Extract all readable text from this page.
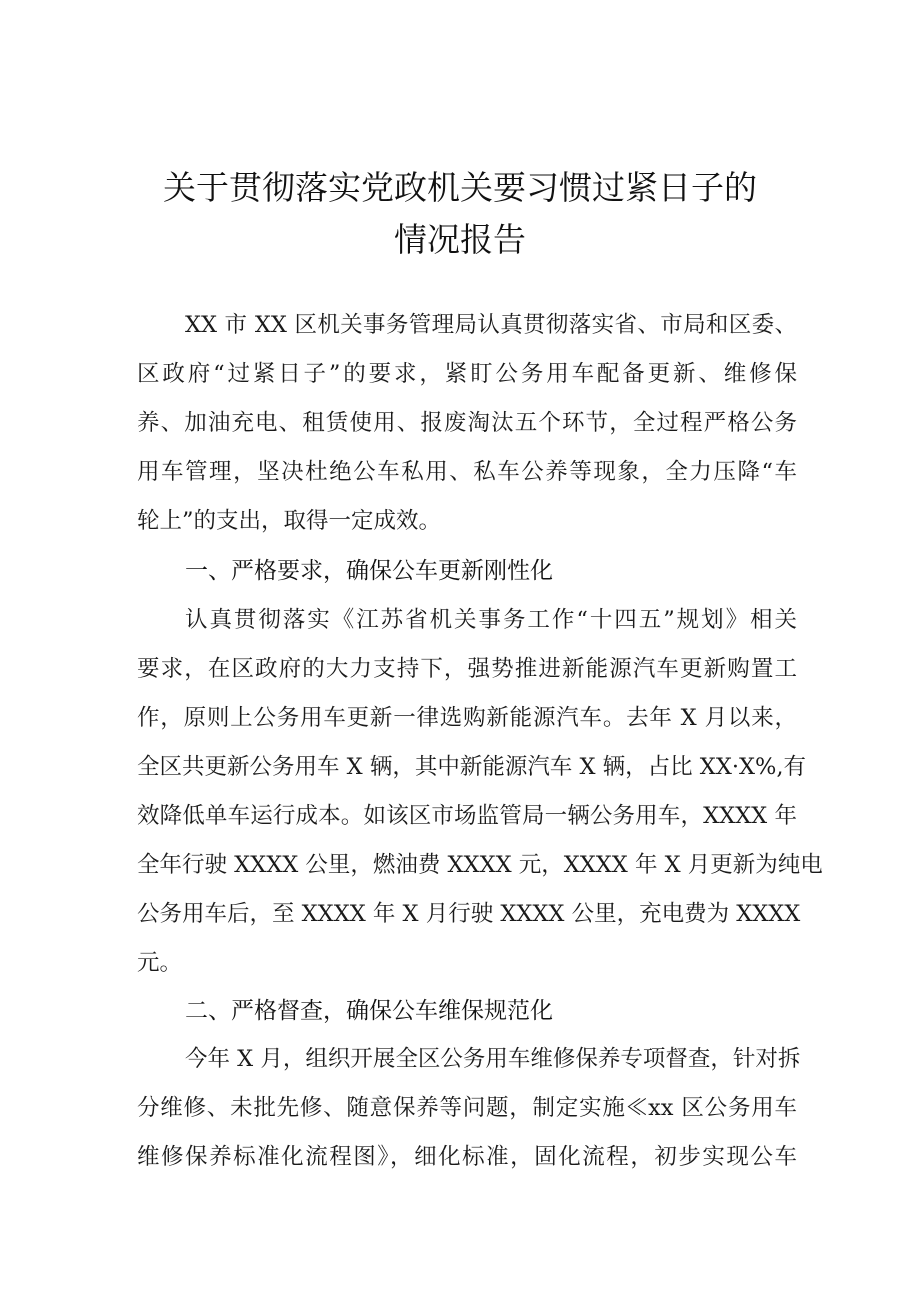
关于贯彻落实党政机关要习惯过紧日子的
情况报告
XX 市 XX 区机关事务管理局认真贯彻落实省、市局和区委、
区政府“过紧日子”的要求，紧盯公务用车配备更新、维修保
养、加油充电、租赁使用、报废淘汰五个环节，全过程严格公务
用车管理，坚决杜绝公车私用、私车公养等现象，全力压降“车
轮上”的支出，取得一定成效。
一、严格要求，确保公车更新刚性化
认真贯彻落实《江苏省机关事务工作“十四五”规划》相关
要求，在区政府的大力支持下，强势推进新能源汽车更新购置工
作，原则上公务用车更新一律选购新能源汽车。去年 X 月以来，
全区共更新公务用车 X 辆，其中新能源汽车 X 辆，占比 XX·X%,有
效降低单车运行成本。如该区市场监管局一辆公务用车，XXXX 年
全年行驶 XXXX 公里，燃油费 XXXX 元，XXXX 年 X 月更新为纯电
公务用车后，至 XXXX 年 X 月行驶 XXXX 公里，充电费为 XXXX
元。
二、严格督查，确保公车维保规范化
今年 X 月，组织开展全区公务用车维修保养专项督查，针对拆
分维修、未批先修、随意保养等问题，制定实施≪xx 区公务用车
维修保养标准化流程图》，细化标准，固化流程，初步实现公车
